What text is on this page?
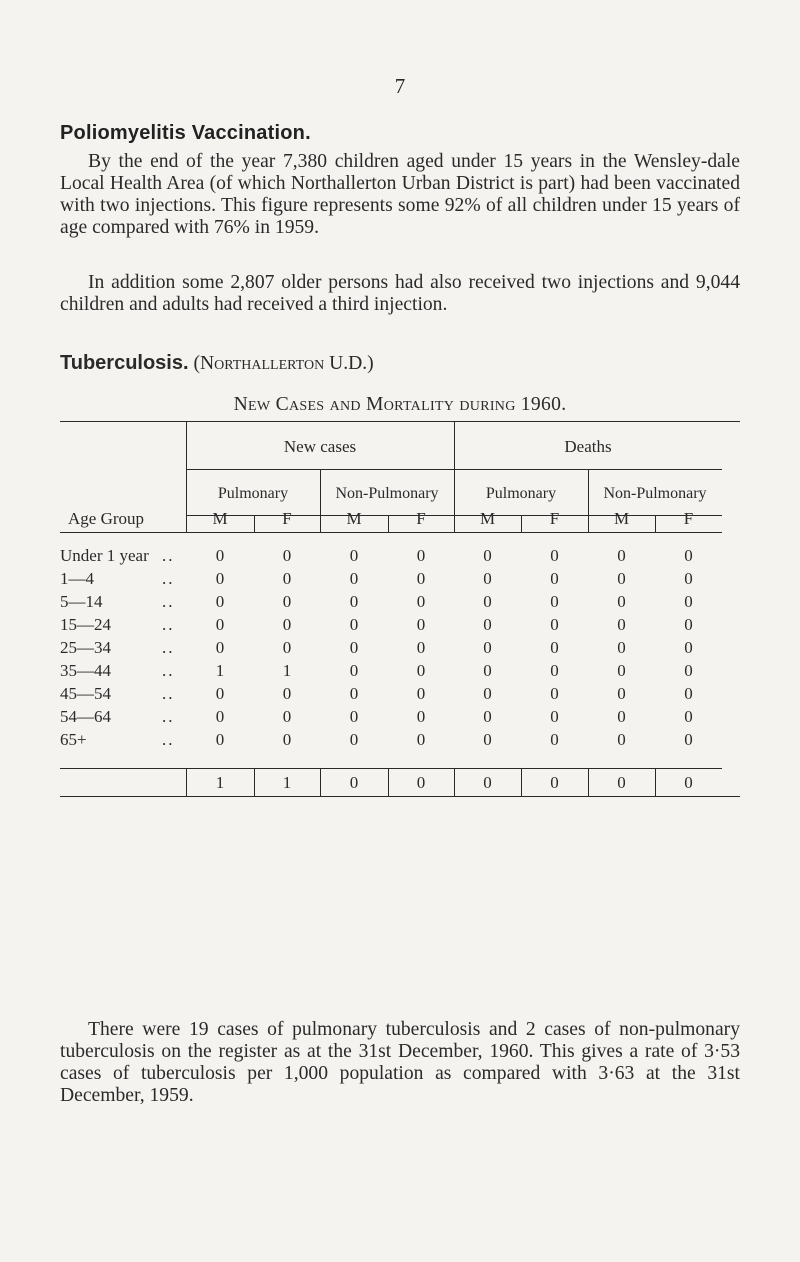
7
Poliomyelitis Vaccination.

By the end of the year 7,380 children aged under 15 years in the Wensley-dale Local Health Area (of which Northallerton Urban District is part) had been vaccinated with two injections. This figure represents some 92% of all children under 15 years of age compared with 76% in 1959.

In addition some 2,807 older persons had also received two injections and 9,044 children and adults had received a third injection.

Tuberculosis. (Northallerton U.D.)
New Cases and Mortality during 1960.
New cases	Deaths
Pulmonary	Non-Pulmonary	Pulmonary	Non-Pulmonary
Age Group	M	F	M	F	M	F	M	F
Under 1 year ..	0	0	0	0	0	0	0	0
1—4	..	0	0	0	0	0	0	0	0
5—14	..	0	0	0	0	0	0	0	0
15—24	..	0	0	0	0	0	0	0	0
25—34	..	0	0	0	0	0	0	0	0
35—44	..	1	1	0	0	0	0	0	0
45—54	..	0	0	0	0	0	0	0	0
54—64	..	0	0	0	0	0	0	0	0
65+	..	0	0	0	0	0	0	0	0
1	1	0	0	0	0	0	0

There were 19 cases of pulmonary tuberculosis and 2 cases of non-pulmonary tuberculosis on the register as at the 31st December, 1960. This gives a rate of 3·53 cases of tuberculosis per 1,000 population as compared with 3·63 at the 31st December, 1959.
